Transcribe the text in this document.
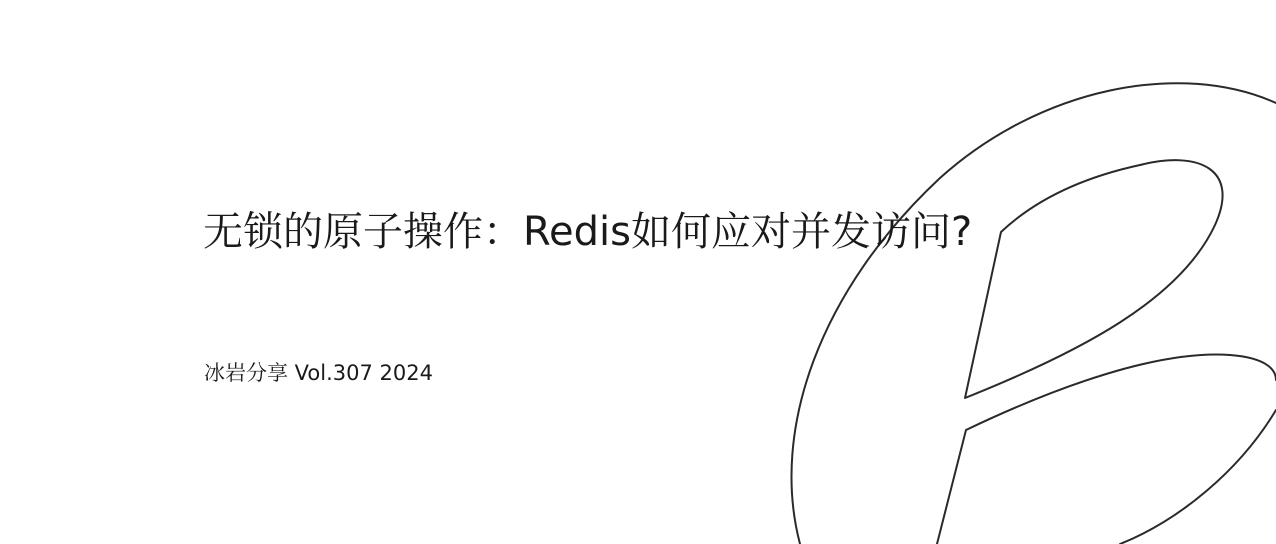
无锁的原子操作：Redis如何应对并发访问?
冰岩分享 Vol.307 2024
